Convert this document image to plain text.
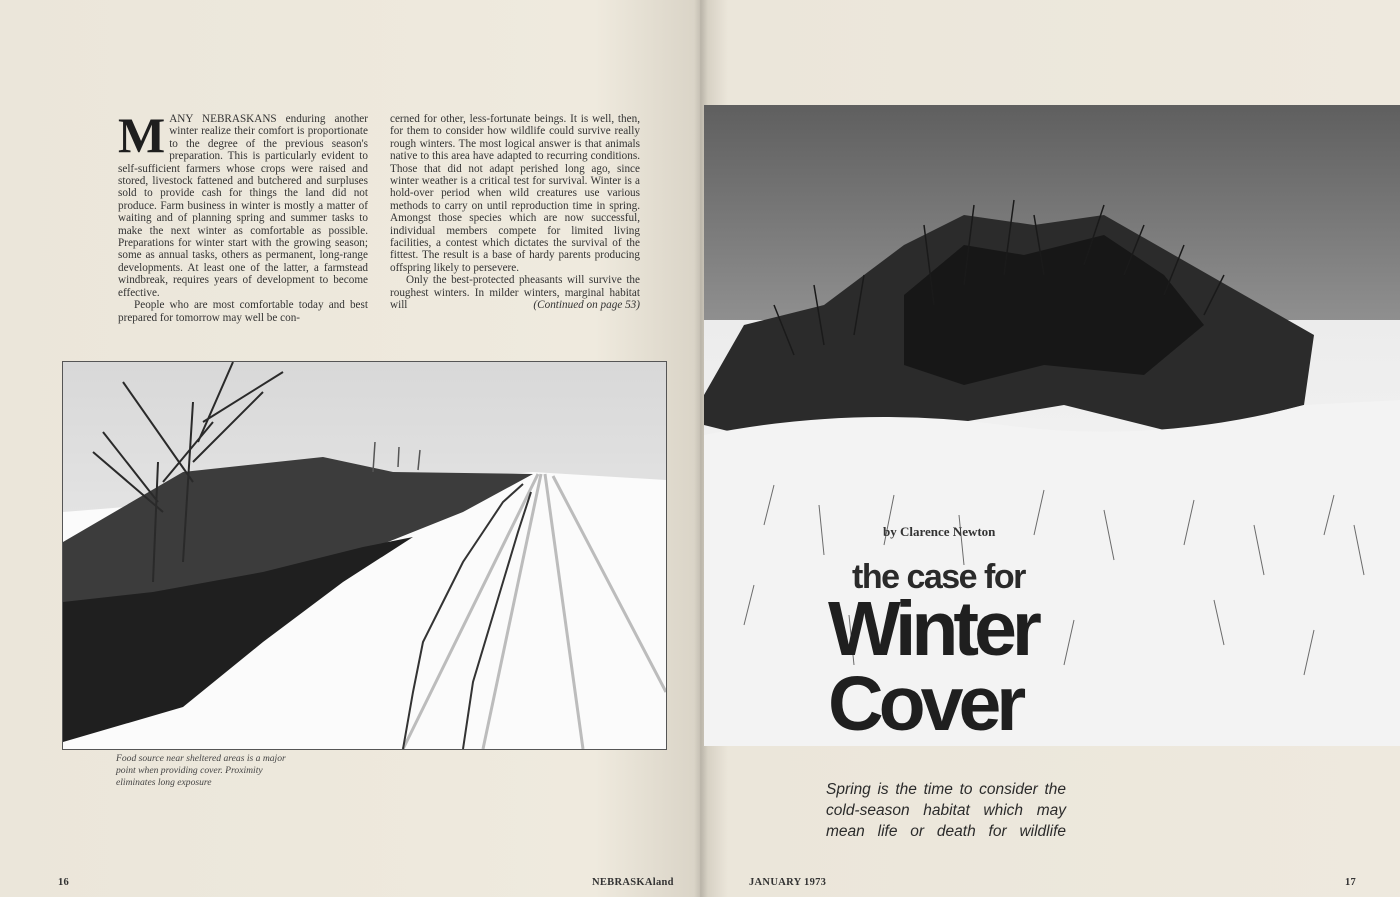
MANY NEBRASKANS enduring another winter realize their comfort is proportionate to the degree of the previous season's preparation. This is particularly evident to self-sufficient farmers whose crops were raised and stored, livestock fattened and butchered and surpluses sold to provide cash for things the land did not produce. Farm business in winter is mostly a matter of waiting and of planning spring and summer tasks to make the next winter as comfortable as possible. Preparations for winter start with the growing season; some as annual tasks, others as permanent, long-range developments. At least one of the latter, a farmstead windbreak, requires years of development to become effective.

People who are most comfortable today and best prepared for tomorrow may well be con-

cerned for other, less-fortunate beings. It is well, then, for them to consider how wildlife could survive really rough winters. The most logical answer is that animals native to this area have adapted to recurring conditions. Those that did not adapt perished long ago, since winter weather is a critical test for survival. Winter is a hold-over period when wild creatures use various methods to carry on until reproduction time in spring. Amongst those species which are now successful, individual members compete for limited living facilities, a contest which dictates the survival of the fittest. The result is a base of hardy parents producing offspring likely to persevere.

Only the best-protected pheasants will survive the roughest winters. In milder winters, marginal habitat will	(Continued on page 53)

Food source near sheltered areas is a major point when providing cover. Proximity eliminates long exposure
16	NEBRASKAland	JANUARY 1973	17
by Clarence Newton
the case for
Winter
Cover
Spring is the time to consider the cold-season habitat which may mean life or death for wildlife
